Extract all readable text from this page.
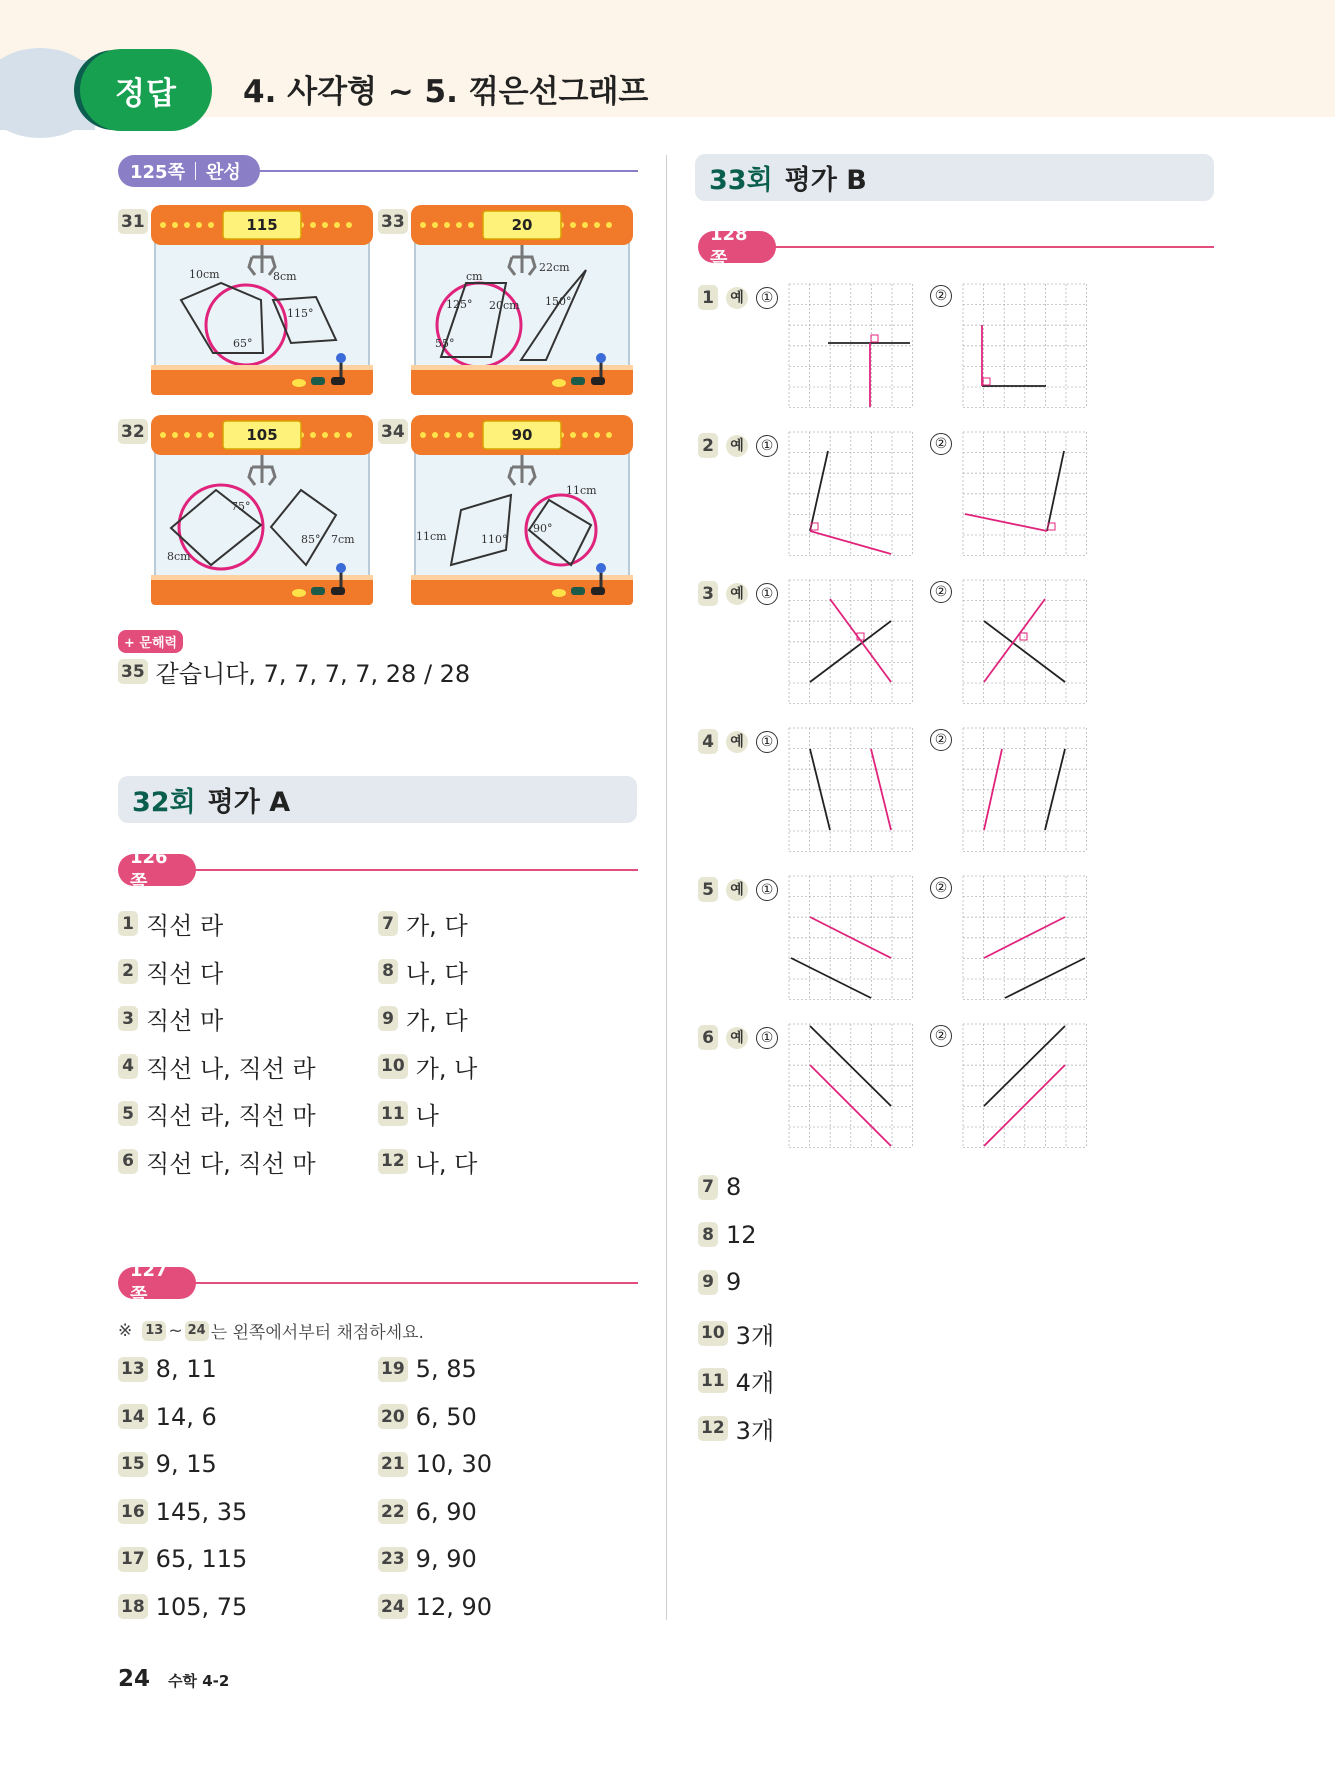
정답	4. 사각형 ~ 5. 꺾은선그래프
125쪽 완성
31	115
10cm	8cm
65°
115°
33	20
cm
22cm
125° 20cm
55°
150°
32	105
75°
8cm
85° 7cm
34	90
11cm
11cm
110°
90°
+ 문해력
35 같습니다, 7, 7, 7, 7, 28 / 28
32회 평가 A
126쪽
1 직선 라
2 직선 다
3 직선 마
4 직선 나, 직선 라
5 직선 라, 직선 마
6 직선 다, 직선 마
7 가, 다
8 나, 다
9 가, 다
10 가, 나
11 나
12 나, 다
127쪽
※ 13 ~ 24 는 왼쪽에서부터 채점하세요.
13 8, 11
14 14, 6
15 9, 15
16 145, 35
17 65, 115
18 105, 75
19 5, 85
20 6, 50
21 10, 30
22 6, 90
23 9, 90
24 12, 90
33회 평가 B
128쪽
1	예	①	②
2	예	①	②
3	예	①	②
4	예	①	②
5	예	①	②
6	예	①	②
7 8
8 12
9 9
10 3개
11 4개
12 3개
24 수학 4-2
